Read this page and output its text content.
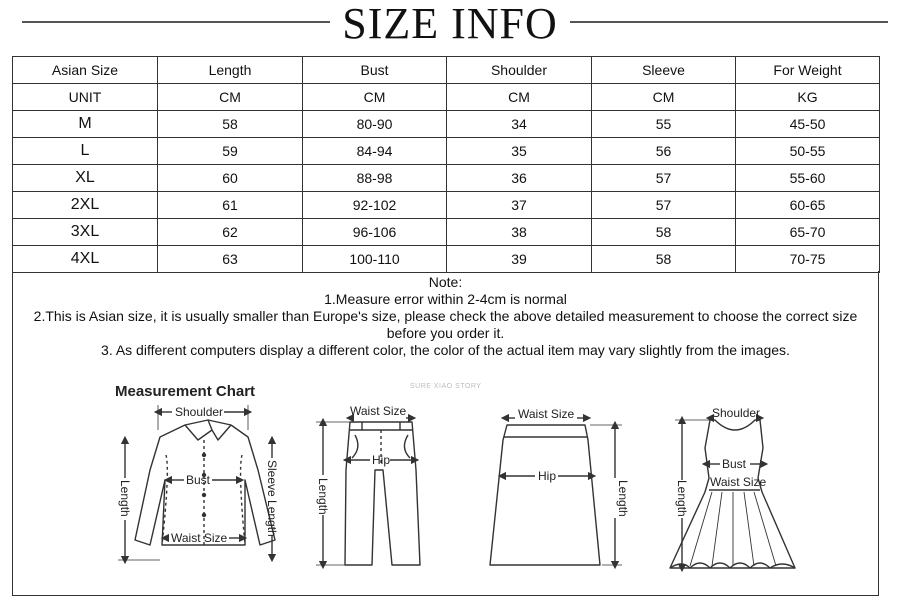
SIZE INFO
Asian Size	Length	Bust	Shoulder	Sleeve	For Weight
UNIT	CM	CM	CM	CM	KG
M	58	80-90	34	55	45-50
L	59	84-94	35	56	50-55
XL	60	88-98	36	57	55-60
2XL	61	92-102	37	57	60-65
3XL	62	96-106	38	58	65-70
4XL	63	100-110	39	58	70-75
Note:
1.Measure error within 2-4cm is normal
2.This is Asian size, it is usually smaller than Europe's size, please check the above detailed measurement to choose the correct size
before you order it.
3. As different computers display a different color, the color of the actual item may vary slightly from the images.
Measurement Chart	SURE XIAO STORY
Shoulder
Bust
Waist Size
Length	Sleeve Length
Waist Size
Hip
Length
Waist Size
Hip
Length
Shoulder
Bust
Waist Size
Length
